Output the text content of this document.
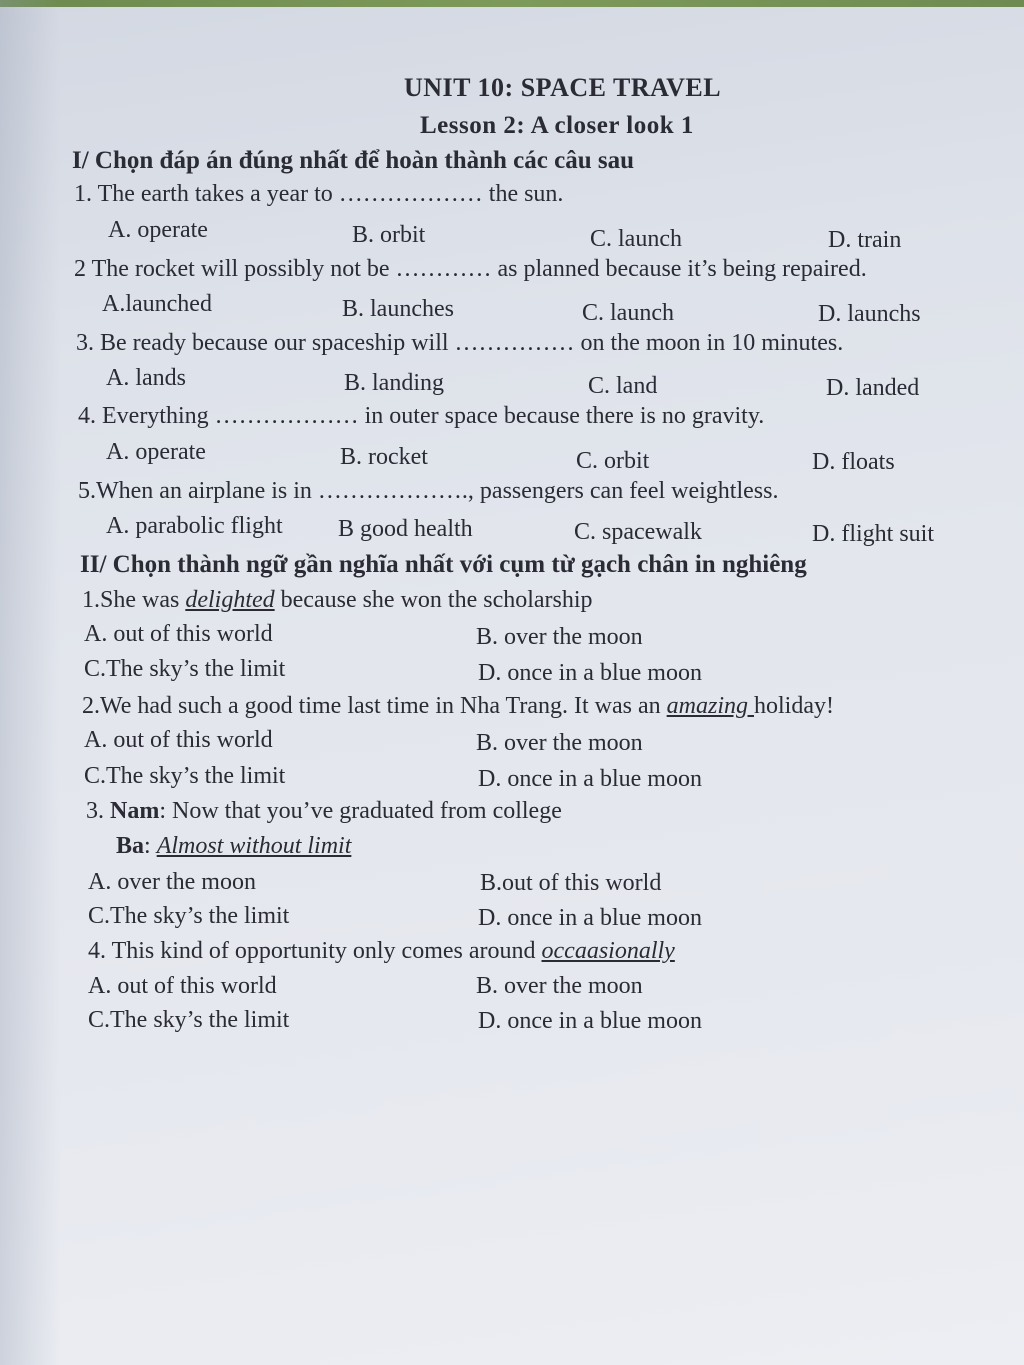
UNIT 10: SPACE TRAVEL
Lesson 2: A closer look 1
I/ Chọn đáp án đúng nhất để hoàn thành các câu sau
1. The earth takes a year to ……………… the sun.
A. operate	B. orbit	C. launch	D. train
2 The rocket will possibly not be ………… as planned because it’s being repaired.
A.launched	B. launches	C. launch	D. launchs
3. Be ready because our spaceship will …………… on the moon in 10 minutes.
A. lands	B. landing	C. land	D. landed
4. Everything ……………… in outer space because there is no gravity.
A. operate	B. rocket	C. orbit	D. floats
5.When an airplane is in ………………., passengers can feel weightless.
A. parabolic flight B good health	C. spacewalk	D. flight suit
II/ Chọn thành ngữ gần nghĩa nhất với cụm từ gạch chân in nghiêng
1.She was delighted because she won the scholarship
A. out of this world	B. over the moon
C.The sky’s the limit	D. once in a blue moon
2.We had such a good time last time in Nha Trang. It was an amazing holiday!
A. out of this world	B. over the moon
C.The sky’s the limit	D. once in a blue moon
3. Nam: Now that you’ve graduated from college
Ba: Almost without limit
A. over the moon	B.out of this world
C.The sky’s the limit	D. once in a blue moon
4. This kind of opportunity only comes around occaasionally
A. out of this world	B. over the moon
C.The sky’s the limit	D. once in a blue moon
